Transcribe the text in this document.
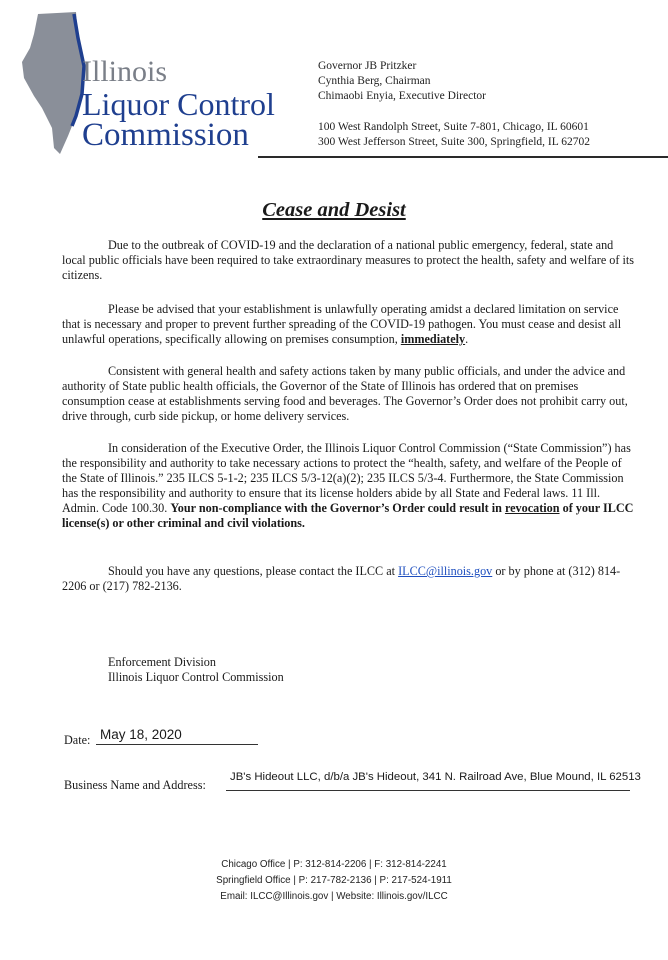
Illinois
Liquor Control
Commission
Governor JB Pritzker
Cynthia Berg, Chairman
Chimaobi Enyia, Executive Director
100 West Randolph Street, Suite 7-801, Chicago, IL 60601
300 West Jefferson Street, Suite 300, Springfield, IL 62702
Cease and Desist

Due to the outbreak of COVID-19 and the declaration of a national public emergency, federal, state and local public officials have been required to take extraordinary measures to protect the health, safety and welfare of its citizens.

Please be advised that your establishment is unlawfully operating amidst a declared limitation on service that is necessary and proper to prevent further spreading of the COVID-19 pathogen. You must cease and desist all unlawful operations, specifically allowing on premises consumption, immediately.

Consistent with general health and safety actions taken by many public officials, and under the advice and authority of State public health officials, the Governor of the State of Illinois has ordered that on premises consumption cease at establishments serving food and beverages. The Governor’s Order does not prohibit carry out, drive through, curb side pickup, or home delivery services.

In consideration of the Executive Order, the Illinois Liquor Control Commission (“State Commission”) has the responsibility and authority to take necessary actions to protect the “health, safety, and welfare of the People of the State of Illinois.” 235 ILCS 5-1-2; 235 ILCS 5/3-12(a)(2); 235 ILCS 5/3-4. Furthermore, the State Commission has the responsibility and authority to ensure that its license holders abide by all State and Federal laws. 11 Ill. Admin. Code 100.30. Your non-compliance with the Governor’s Order could result in revocation of your ILCC license(s) or other criminal and civil violations.

Should you have any questions, please contact the ILCC at ILCC@illinois.gov or by phone at (312) 814-2206 or (217) 782-2136.

Enforcement Division
Illinois Liquor Control Commission
Date: May 18, 2020
Business Name and Address:
JB's Hideout LLC, d/b/a JB's Hideout, 341 N. Railroad Ave, Blue Mound, IL 62513
Chicago Office | P: 312-814-2206 | F: 312-814-2241
Springfield Office | P: 217-782-2136 | P: 217-524-1911
Email: ILCC@Illinois.gov | Website: Illinois.gov/ILCC
